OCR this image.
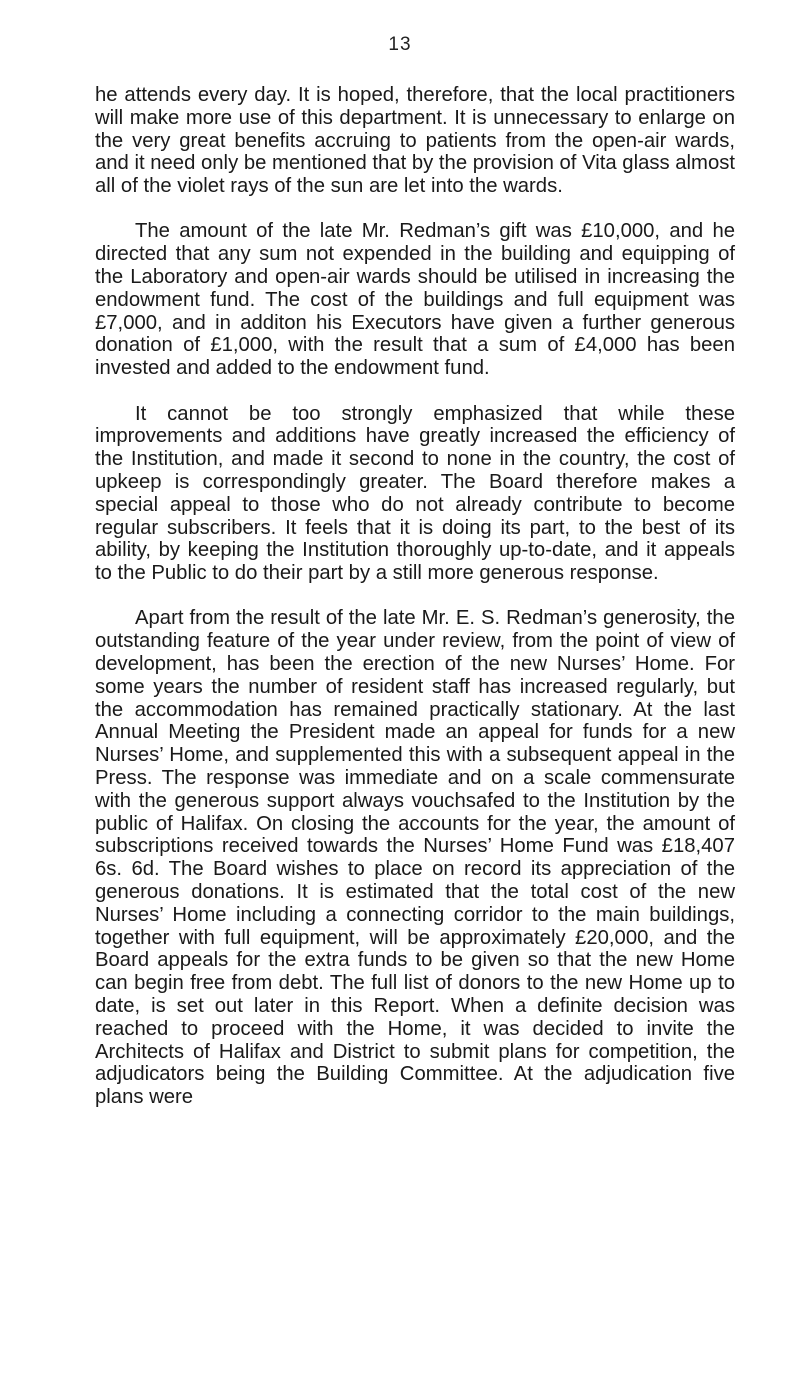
13

he attends every day. It is hoped, therefore, that the local practitioners will make more use of this department. It is unnecessary to enlarge on the very great benefits accruing to patients from the open-air wards, and it need only be mentioned that by the provision of Vita glass almost all of the violet rays of the sun are let into the wards.

The amount of the late Mr. Redman’s gift was £10,000, and he directed that any sum not expended in the building and equipping of the Laboratory and open-air wards should be utilised in increasing the endowment fund. The cost of the buildings and full equipment was £7,000, and in additon his Executors have given a further generous donation of £1,000, with the result that a sum of £4,000 has been invested and added to the endowment fund.

It cannot be too strongly emphasized that while these improvements and additions have greatly increased the efficiency of the Institution, and made it second to none in the country, the cost of upkeep is correspondingly greater. The Board therefore makes a special appeal to those who do not already contribute to become regular subscribers. It feels that it is doing its part, to the best of its ability, by keeping the Institution thoroughly up-to-date, and it appeals to the Public to do their part by a still more generous response.

Apart from the result of the late Mr. E. S. Redman’s generosity, the outstanding feature of the year under review, from the point of view of development, has been the erection of the new Nurses’ Home. For some years the number of resident staff has increased regularly, but the accommodation has remained practically stationary. At the last Annual Meeting the President made an appeal for funds for a new Nurses’ Home, and supplemented this with a subsequent appeal in the Press. The response was immediate and on a scale commensurate with the generous support always vouchsafed to the Institution by the public of Halifax. On closing the accounts for the year, the amount of subscriptions received towards the Nurses’ Home Fund was £18,407 6s. 6d. The Board wishes to place on record its appreciation of the generous donations. It is estimated that the total cost of the new Nurses’ Home including a connecting corridor to the main buildings, together with full equipment, will be approximately £20,000, and the Board appeals for the extra funds to be given so that the new Home can begin free from debt. The full list of donors to the new Home up to date, is set out later in this Report. When a definite decision was reached to proceed with the Home, it was decided to invite the Architects of Halifax and District to submit plans for competition, the adjudicators being the Building Committee. At the adjudication five plans were
